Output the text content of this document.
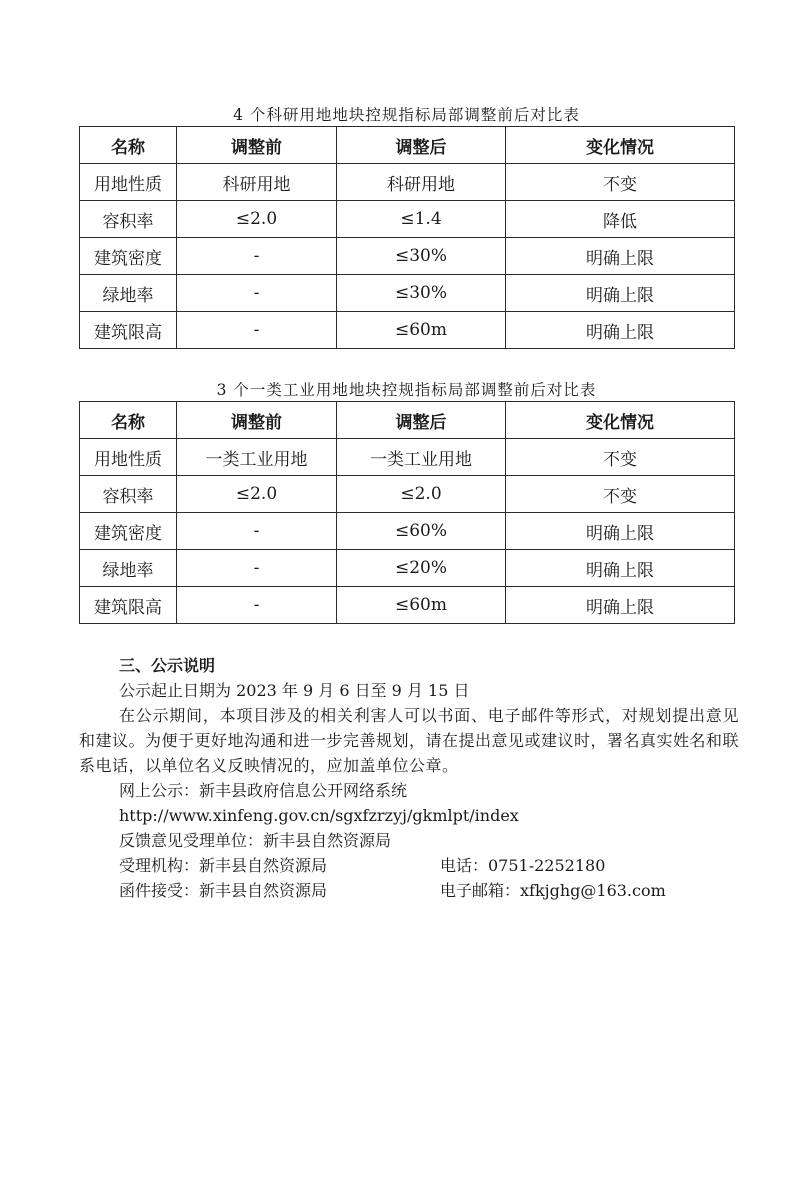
4 个科研用地地块控规指标局部调整前后对比表
名称	调整前	调整后	变化情况
用地性质	科研用地	科研用地	不变
容积率	≤2.0	≤1.4	降低
建筑密度	-	≤30%	明确上限
绿地率	-	≤30%	明确上限
建筑限高	-	≤60m	明确上限
3 个一类工业用地地块控规指标局部调整前后对比表
名称	调整前	调整后	变化情况
用地性质	一类工业用地	一类工业用地	不变
容积率	≤2.0	≤2.0	不变
建筑密度	-	≤60%	明确上限
绿地率	-	≤20%	明确上限
建筑限高	-	≤60m	明确上限

三、公示说明

公示起止日期为 2023 年 9 月 6 日至 9 月 15 日

在公示期间，本项目涉及的相关利害人可以书面、电子邮件等形式，对规划提出意见和建议。为便于更好地沟通和进一步完善规划，请在提出意见或建议时，署名真实姓名和联系电话，以单位名义反映情况的，应加盖单位公章。

网上公示：新丰县政府信息公开网络系统

http://www.xinfeng.gov.cn/sgxfzrzyj/gkmlpt/index

反馈意见受理单位：新丰县自然资源局

受理机构：新丰县自然资源局	电话：0751-2252180
函件接受：新丰县自然资源局	电子邮箱：xfkjghg@163.com
